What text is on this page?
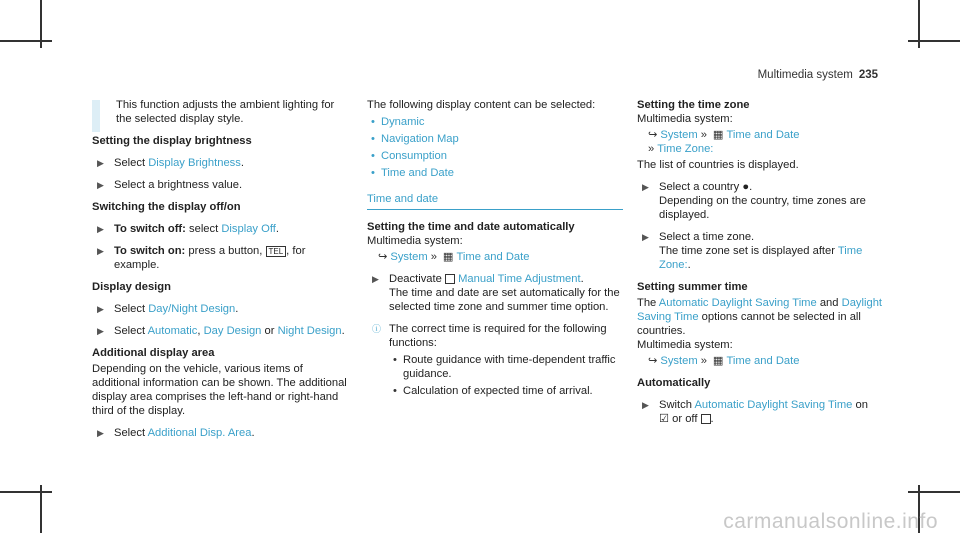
Multimedia system 235

This function adjusts the ambient lighting for the selected display style.

Setting the display brightness

▶ Select Display Brightness.
▶ Select a brightness value.

Switching the display off/on

▶ To switch off: select Display Off.
▶ To switch on: press a button, TEL , for example.

Display design

▶ Select Day/Night Design.
▶ Select Automatic, Day Design or Night Design.

Additional display area

Depending on the vehicle, various items of additional information can be shown. The additional display area comprises the left-hand or right-hand third of the display.

▶ Select Additional Disp. Area.

The following display content can be selected:

• Dynamic
• Navigation Map
• Consumption
• Time and Date
Time and date

Setting the time and date automatically

Multimedia system:

↪ System » ▦ Time and Date
▶ Deactivate Manual Time Adjustment.
The time and date are set automatically for the selected time zone and summer time option.
ⓘ The correct time is required for the following functions:
• Route guidance with time-dependent traffic guidance.
• Calculation of expected time of arrival.

Setting the time zone

Multimedia system:

↪ System » ▦ Time and Date
» Time Zone:

The list of countries is displayed.

▶ Select a country ●.
Depending on the country, time zones are displayed.
▶ Select a time zone.
The time zone set is displayed after Time Zone:.

Setting summer time

The Automatic Daylight Saving Time and Daylight Saving Time options cannot be selected in all countries.

Multimedia system:

↪ System » ▦ Time and Date

Automatically

▶ Switch Automatic Daylight Saving Time on
☑ or off .
carmanualsonline.info
